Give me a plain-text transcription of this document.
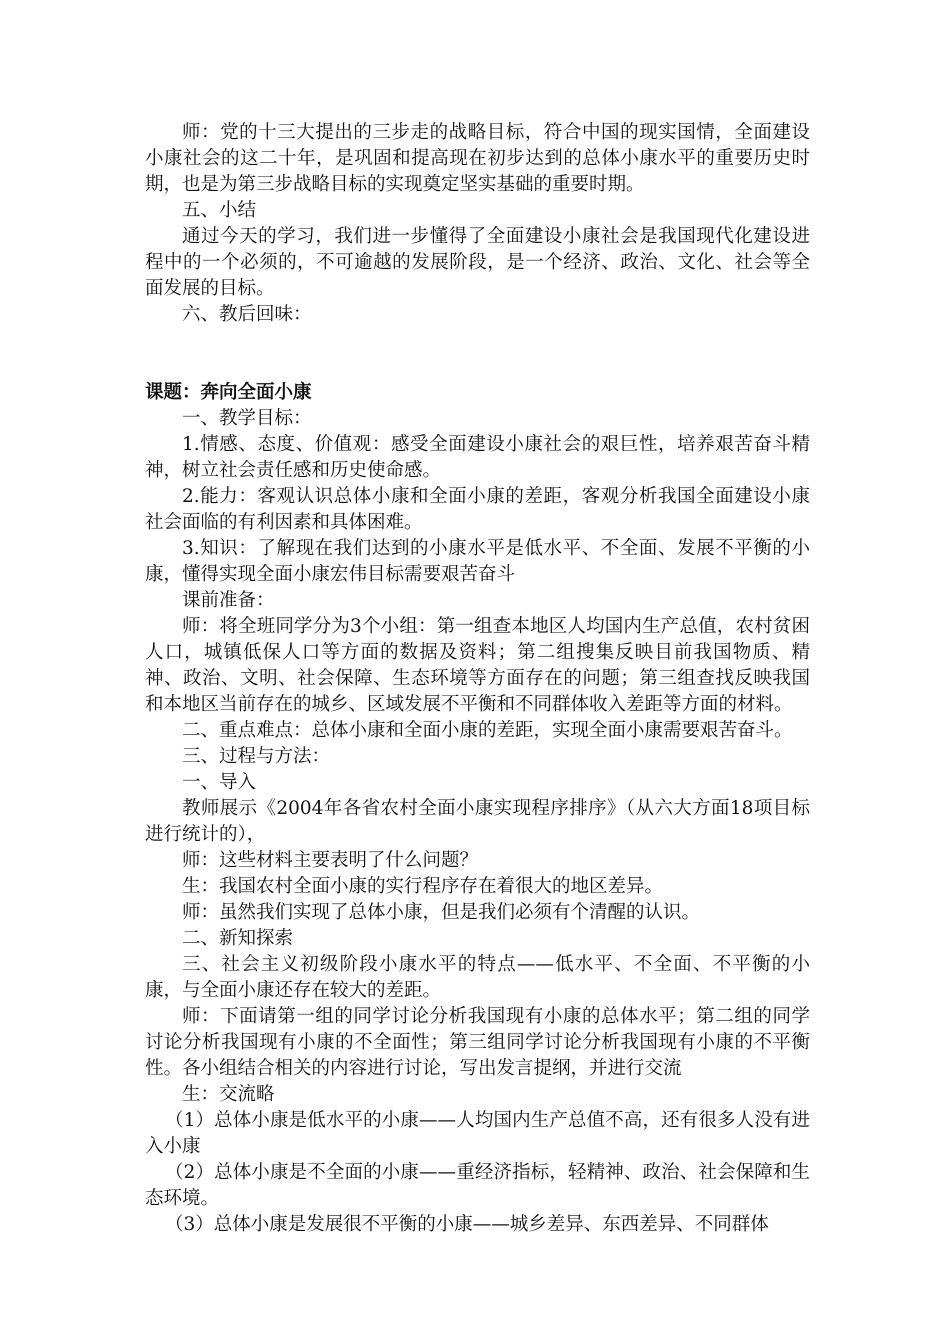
师：党的十三大提出的三步走的战略目标，符合中国的现实国情，全面建设小康社会的这二十年，是巩固和提高现在初步达到的总体小康水平的重要历史时期，也是为第三步战略目标的实现奠定坚实基础的重要时期。

五、小结

通过今天的学习，我们进一步懂得了全面建设小康社会是我国现代化建设进程中的一个必须的，不可逾越的发展阶段，是一个经济、政治、文化、社会等全面发展的目标。

六、教后回味：

课题：奔向全面小康

一、教学目标：

1.情感、态度、价值观：感受全面建设小康社会的艰巨性，培养艰苦奋斗精神，树立社会责任感和历史使命感。

2.能力：客观认识总体小康和全面小康的差距，客观分析我国全面建设小康社会面临的有利因素和具体困难。

3.知识：了解现在我们达到的小康水平是低水平、不全面、发展不平衡的小康，懂得实现全面小康宏伟目标需要艰苦奋斗

课前准备：

师：将全班同学分为3个小组：第一组查本地区人均国内生产总值，农村贫困人口，城镇低保人口等方面的数据及资料；第二组搜集反映目前我国物质、精神、政治、文明、社会保障、生态环境等方面存在的问题；第三组查找反映我国和本地区当前存在的城乡、区域发展不平衡和不同群体收入差距等方面的材料。

二、重点难点：总体小康和全面小康的差距，实现全面小康需要艰苦奋斗。

三、过程与方法：

一、导入

教师展示《2004年各省农村全面小康实现程序排序》（从六大方面18项目标进行统计的），

师：这些材料主要表明了什么问题？

生：我国农村全面小康的实行程序存在着很大的地区差异。

师：虽然我们实现了总体小康，但是我们必须有个清醒的认识。

二、新知探索

三、社会主义初级阶段小康水平的特点——低水平、不全面、不平衡的小康，与全面小康还存在较大的差距。

师：下面请第一组的同学讨论分析我国现有小康的总体水平；第二组的同学讨论分析我国现有小康的不全面性；第三组同学讨论分析我国现有小康的不平衡性。各小组结合相关的内容进行讨论，写出发言提纲，并进行交流

生：交流略

（1）总体小康是低水平的小康——人均国内生产总值不高，还有很多人没有进入小康

（2）总体小康是不全面的小康——重经济指标，轻精神、政治、社会保障和生态环境。

（3）总体小康是发展很不平衡的小康——城乡差异、东西差异、不同群体
